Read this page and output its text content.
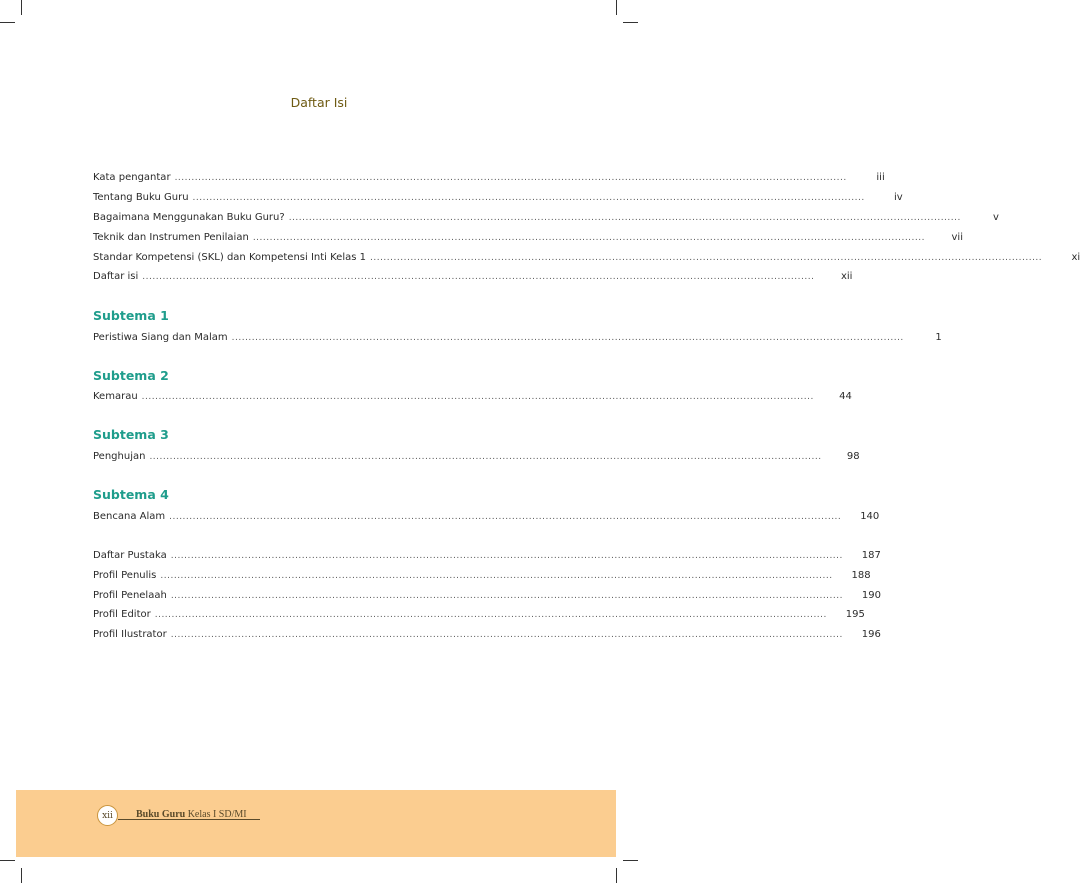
Daftar Isi
Kata pengantar ........................................................................................................................................................................................................	iii
Tentang Buku Guru ........................................................................................................................................................................................................	iv
Bagaimana Menggunakan Buku Guru? ........................................................................................................................................................................................................	v
Teknik dan Instrumen Penilaian ........................................................................................................................................................................................................	vii
Standar Kompetensi (SKL) dan Kompetensi Inti Kelas 1 ........................................................................................................................................................................................................	xi
Daftar isi ........................................................................................................................................................................................................	xii
Subtema 1
Peristiwa Siang dan Malam ........................................................................................................................................................................................................	1
Subtema 2
Kemarau ........................................................................................................................................................................................................	44
Subtema 3
Penghujan ........................................................................................................................................................................................................	98
Subtema 4
Bencana Alam ........................................................................................................................................................................................................	140
Daftar Pustaka ........................................................................................................................................................................................................	187
Profil Penulis ........................................................................................................................................................................................................	188
Profil Penelaah ........................................................................................................................................................................................................	190
Profil Editor ........................................................................................................................................................................................................	195
Profil Ilustrator ........................................................................................................................................................................................................	196
xii	Buku Guru Kelas I SD/MI
